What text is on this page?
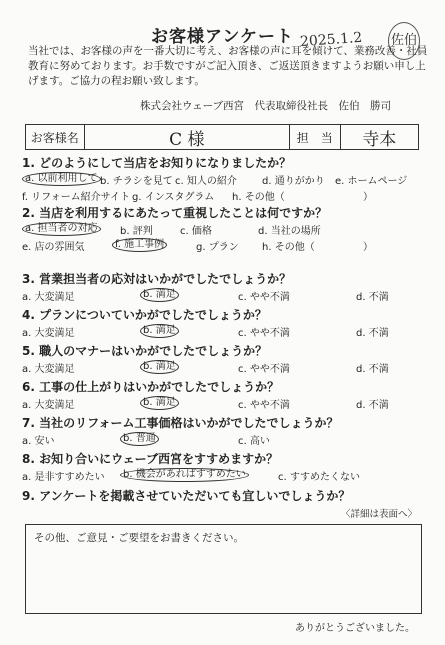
お客様アンケート 2025.1.2 佐伯
当社では、お客様の声を一番大切に考え、お客様の声に耳を傾けて、業務改善・社員教育に努めております。お手数ですがご記入頂き、ご返送頂きますようお願い申し上げます。ご協力の程お願い致します。
株式会社ウェーブ西宮　代表取締役社長　佐伯　勝司
お客様名	C 様	担　当	寺本
1. どのようにして当店をお知りになりましたか？
a. 以前利用して b. チラシを見て c. 知人の紹介	d. 通りがかり e. ホームページ
f. リフォーム紹介サイト g. インスタグラム h. その他（	）
2. 当店を利用するにあたって重視したことは何ですか？
a. 担当者の対応	b. 評判	c. 価格	d. 当社の場所
e. 店の雰囲気	f. 施工事例	g. プラン h. その他（	）
3. 営業担当者の応対はいかがでしたでしょうか？
a. 大変満足	b. 満足	c. やや不満	d. 不満
4. プランについていかがでしたでしょうか？
a. 大変満足	b. 満足	c. やや不満	d. 不満
5. 職人のマナーはいかがでしたでしょうか？
a. 大変満足	b. 満足	c. やや不満	d. 不満
6. 工事の仕上がりはいかがでしたでしょうか？
a. 大変満足	b. 満足	c. やや不満	d. 不満
7. 当社のリフォーム工事価格はいかがでしたでしょうか？
a. 安い	b. 普通	c. 高い
8. お知り合いにウェーブ西宮をすすめますか？
a. 是非すすめたい	b. 機会があればすすめたい	c. すすめたくない
9. アンケートを掲載させていただいても宜しいでしょうか？
〈詳細は表面へ〉
その他、ご意見・ご要望をお書きください。
ありがとうございました。
